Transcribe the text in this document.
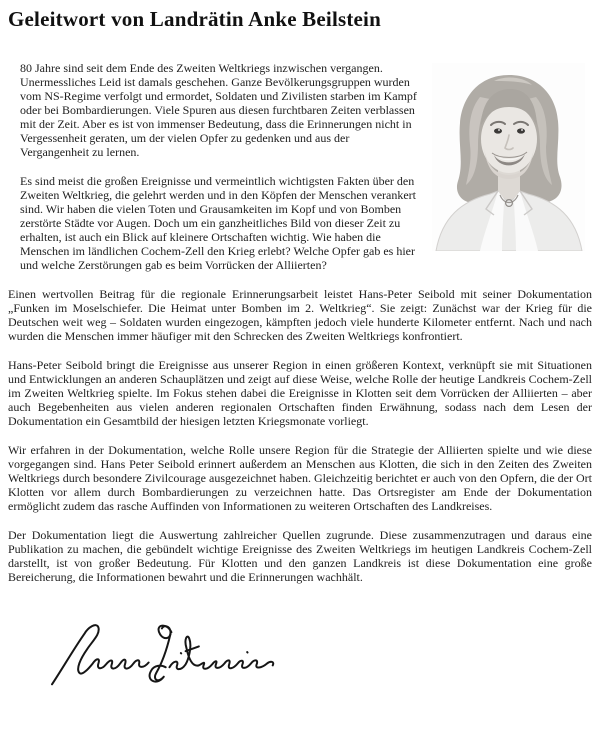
Geleitwort von Landrätin Anke Beilstein

80 Jahre sind seit dem Ende des Zweiten Weltkriegs inzwischen vergangen. Unermessliches Leid ist damals geschehen. Ganze Bevölkerungsgruppen wurden vom NS-Regime verfolgt und ermordet, Soldaten und Zivilisten starben im Kampf oder bei Bombardierungen. Viele Spuren aus diesen furchtbaren Zeiten verblassen mit der Zeit. Aber es ist von immenser Bedeutung, dass die Erinnerungen nicht in Vergessenheit geraten, um der vielen Opfer zu gedenken und aus der Vergangenheit zu lernen.

Es sind meist die großen Ereignisse und vermeintlich wichtigsten Fakten über den Zweiten Weltkrieg, die gelehrt werden und in den Köpfen der Menschen verankert sind. Wir haben die vielen Toten und Grausamkeiten im Kopf und von Bomben zerstörte Städte vor Augen. Doch um ein ganzheitliches Bild von dieser Zeit zu erhalten, ist auch ein Blick auf kleinere Ortschaften wichtig. Wie haben die Menschen im ländlichen Cochem-Zell den Krieg erlebt? Welche Opfer gab es hier und welche Zerstörungen gab es beim Vorrücken der Alliierten?

Einen wertvollen Beitrag für die regionale Erinnerungsarbeit leistet Hans-Peter Seibold mit seiner Dokumentation „Funken im Moselschiefer. Die Heimat unter Bomben im 2. Weltkrieg“. Sie zeigt: Zunächst war der Krieg für die Deutschen weit weg – Soldaten wurden eingezogen, kämpften jedoch viele hunderte Kilometer entfernt. Nach und nach wurden die Menschen immer häufiger mit den Schrecken des Zweiten Weltkriegs konfrontiert.

Hans-Peter Seibold bringt die Ereignisse aus unserer Region in einen größeren Kontext, verknüpft sie mit Situationen und Entwicklungen an anderen Schauplätzen und zeigt auf diese Weise, welche Rolle der heutige Landkreis Cochem-Zell im Zweiten Weltkrieg spielte. Im Fokus stehen dabei die Ereignisse in Klotten seit dem Vorrücken der Alliierten – aber auch Begebenheiten aus vielen anderen regionalen Ortschaften finden Erwähnung, sodass nach dem Lesen der Dokumentation ein Gesamtbild der hiesigen letzten Kriegsmonate vorliegt.

Wir erfahren in der Dokumentation, welche Rolle unsere Region für die Strategie der Alliierten spielte und wie diese vorgegangen sind. Hans Peter Seibold erinnert außerdem an Menschen aus Klotten, die sich in den Zeiten des Zweiten Weltkriegs durch besondere Zivilcourage ausgezeichnet haben. Gleichzeitig berichtet er auch von den Opfern, die der Ort Klotten vor allem durch Bombardierungen zu verzeichnen hatte. Das Ortsregister am Ende der Dokumentation ermöglicht zudem das rasche Auffinden von Informationen zu weiteren Ortschaften des Landkreises.

Der Dokumentation liegt die Auswertung zahlreicher Quellen zugrunde. Diese zusammenzutragen und daraus eine Publikation zu machen, die gebündelt wichtige Ereignisse des Zweiten Weltkriegs im heutigen Landkreis Cochem-Zell darstellt, ist von großer Bedeutung. Für Klotten und den ganzen Landkreis ist diese Dokumentation eine große Bereicherung, die Informationen bewahrt und die Erinnerungen wachhält.
